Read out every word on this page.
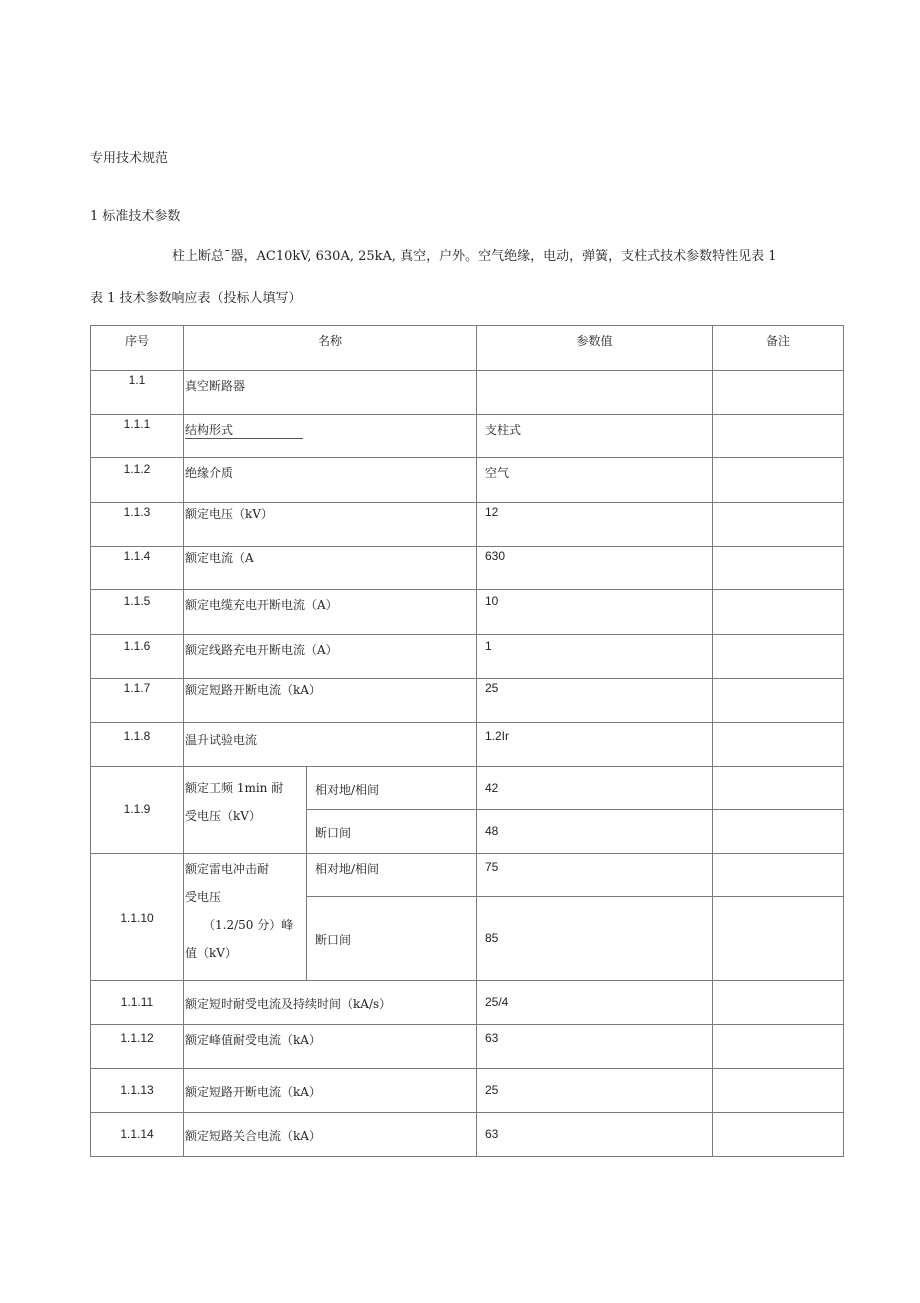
专用技术规范
1 标准技术参数
柱上断总¯器，AC10kV, 630A, 25kA, 真空，户外。空气绝缘，电动，弹簧，支柱式技术参数特性见表 1
表 1 技术参数响应表（投标人填写）
序号	名称		参数值	备注

1.1	真空断路器			

1.1.1	结构形式		支柱式	

1.1.2	绝缘介质		空气	

1.1.3	额定电压（kV）		12	

1.1.4	额定电流（A		630	

1.1.5	额定电缆充电开断电流（A）		10	

1.1.6	额定线路充电开断电流（A）		1	

1.1.7	额定短路开断电流（kA）		25	

1.1.8	温升试验电流		1.2Ir	

1.1.9	额定工频 1min 耐
受电压（kV）	相对地/相间	42	

		断口间	48	

1.1.10	额定雷电冲击耐
受电压
（1.2/50 分）峰
值（kV）	相对地/相间	75	

		断口间	85	

1.1.11	额定短时耐受电流及持续时间（kA/s）		25/4	

1.1.12	额定峰值耐受电流（kA）		63	

1.1.13	额定短路开断电流（kA）		25	

1.1.14	额定短路关合电流（kA）		63	
